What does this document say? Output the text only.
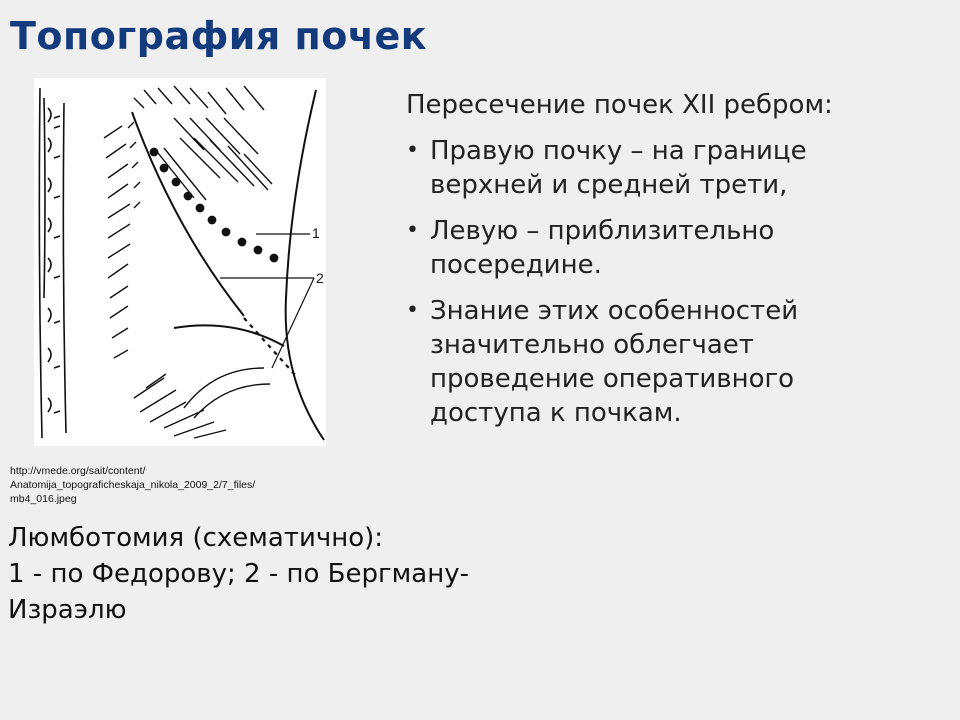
Топография почек
1
2
http://vmede.org/sait/content/
Anatomija_topograficheskaja_nikola_2009_2/7_files/
mb4_016.jpeg
Люмботомия (схематично):
1 - по Федорову; 2 - по Бергману-
Израэлю

Пересечение почек XII ребром:

• Правую почку – на границе верхней и средней трети,
• Левую – приблизительно посередине.
• Знание этих особенностей значительно облегчает проведение оперативного доступа к почкам.
